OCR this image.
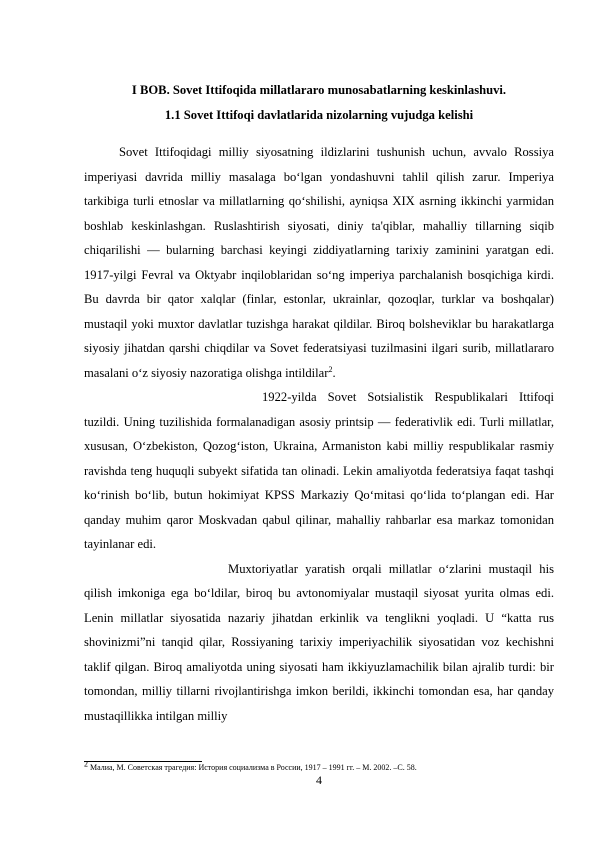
I BOB. Sovet Ittifoqida millatlararo munosabatlarning keskinlashuvi.
1.1 Sovet Ittifoqi davlatlarida nizolarning vujudga kelishi

Sovet Ittifoqidagi milliy siyosatning ildizlarini tushunish uchun, avvalo Rossiya imperiyasi davrida milliy masalaga bo‘lgan yondashuvni tahlil qilish zarur. Imperiya tarkibiga turli etnoslar va millatlarning qo‘shilishi, ayniqsa XIX asrning ikkinchi yarmidan boshlab keskinlashgan. Ruslashtirish siyosati, diniy ta'qiblar, mahalliy tillarning siqib chiqarilishi — bularning barchasi keyingi ziddiyatlarning tarixiy zaminini yaratgan edi. 1917-yilgi Fevral va Oktyabr inqiloblaridan so‘ng imperiya parchalanish bosqichiga kirdi. Bu davrda bir qator xalqlar (finlar, estonlar, ukrainlar, qozoqlar, turklar va boshqalar) mustaqil yoki muxtor davlatlar tuzishga harakat qildilar. Biroq bolsheviklar bu harakatlarga siyosiy jihatdan qarshi chiqdilar va Sovet federatsiyasi tuzilmasini ilgari surib, millatlararo masalani o‘z siyosiy nazoratiga olishga intildilar$^2$.

1922-yilda Sovet Sotsialistik Respublikalari Ittifoqi tuzildi. Uning tuzilishida formalanadigan asosiy printsip — federativlik edi. Turli millatlar, xususan, O‘zbekiston, Qozog‘iston, Ukraina, Armaniston kabi milliy respublikalar rasmiy ravishda teng huquqli subyekt sifatida tan olinadi. Lekin amaliyotda federatsiya faqat tashqi ko‘rinish bo‘lib, butun hokimiyat KPSS Markaziy Qo‘mitasi qo‘lida to‘plangan edi. Har qanday muhim qaror Moskvadan qabul qilinar, mahalliy rahbarlar esa markaz tomonidan tayinlanar edi.

Muxtoriyatlar yaratish orqali millatlar o‘zlarini mustaqil his qilish imkoniga ega bo‘ldilar, biroq bu avtonomiyalar mustaqil siyosat yurita olmas edi. Lenin millatlar siyosatida nazariy jihatdan erkinlik va tenglikni yoqladi. U “katta rus shovinizmi”ni tanqid qilar, Rossiyaning tarixiy imperiyachilik siyosatidan voz kechishni taklif qilgan. Biroq amaliyotda uning siyosati ham ikkiyuzlamachilik bilan ajralib turdi: bir tomondan, milliy tillarni rivojlantirishga imkon berildi, ikkinchi tomondan esa, har qanday mustaqillikka intilgan milliy

$^2$ Малиа, М. Советская трагедия: История социализма в России, 1917 – 1991 гг. – М. 2002. –С. 58.
4
